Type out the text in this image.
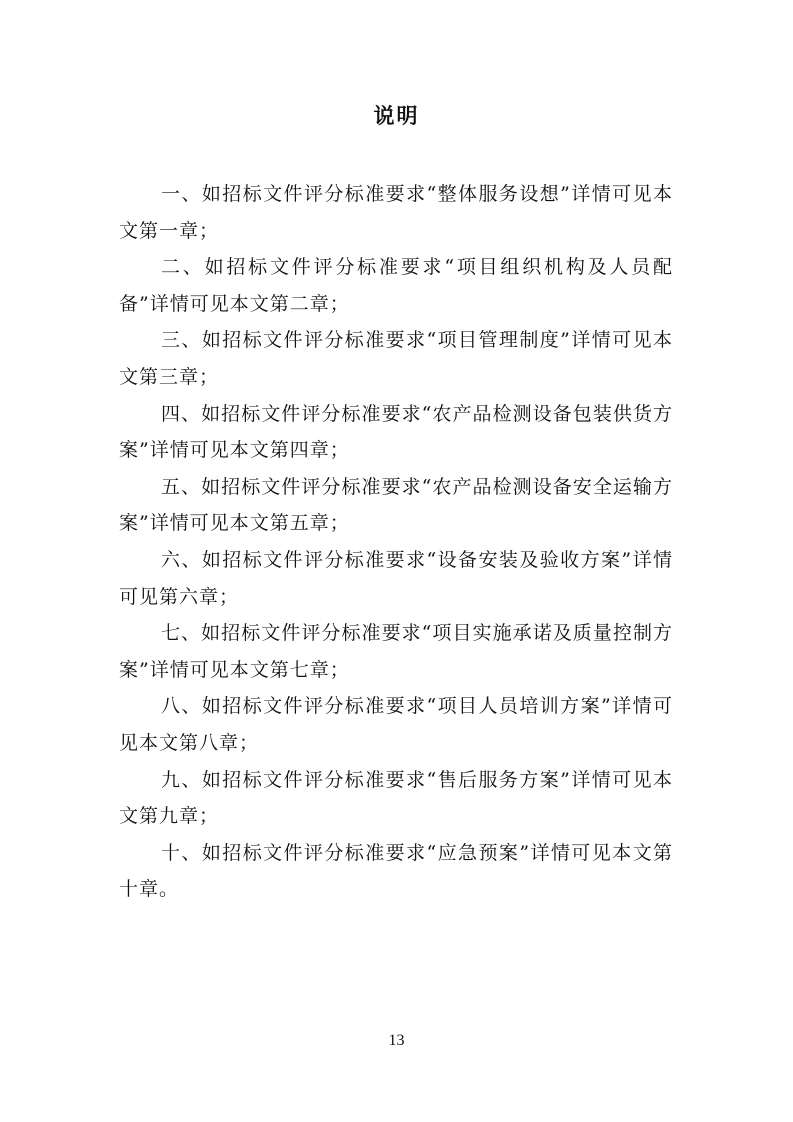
说明

一、如招标文件评分标准要求“整体服务设想”详情可见本文第一章；

二、如招标文件评分标准要求“项目组织机构及人员配备”详情可见本文第二章；

三、如招标文件评分标准要求“项目管理制度”详情可见本文第三章；

四、如招标文件评分标准要求“农产品检测设备包装供货方案”详情可见本文第四章；

五、如招标文件评分标准要求“农产品检测设备安全运输方案”详情可见本文第五章；

六、如招标文件评分标准要求“设备安装及验收方案”详情可见第六章；

七、如招标文件评分标准要求“项目实施承诺及质量控制方案”详情可见本文第七章；

八、如招标文件评分标准要求“项目人员培训方案”详情可见本文第八章；

九、如招标文件评分标准要求“售后服务方案”详情可见本文第九章；

十、如招标文件评分标准要求“应急预案”详情可见本文第十章。

13
